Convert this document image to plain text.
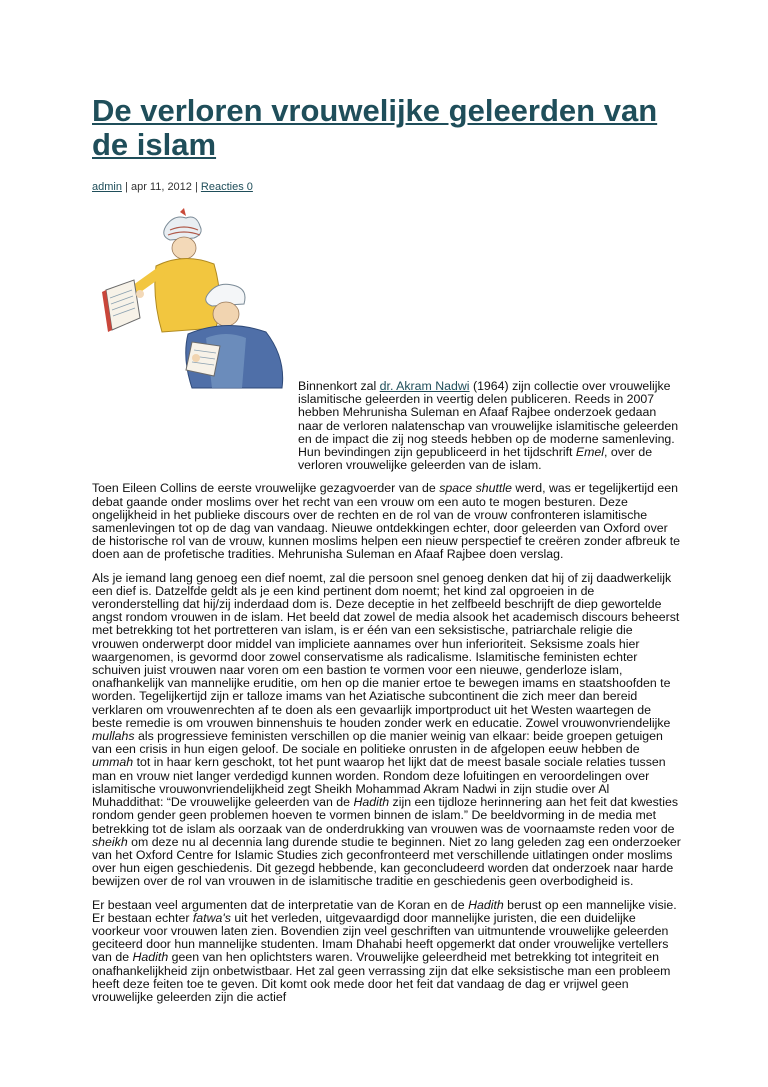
De verloren vrouwelijke geleerden van de islam
admin | apr 11, 2012 | Reacties 0

Binnenkort zal dr. Akram Nadwi (1964) zijn collectie over vrouwelijke islamitische geleerden in veertig delen publiceren. Reeds in 2007 hebben Mehrunisha Suleman en Afaaf Rajbee onderzoek gedaan naar de verloren nalatenschap van vrouwelijke islamitische geleerden en de impact die zij nog steeds hebben op de moderne samenleving. Hun bevindingen zijn gepubliceerd in het tijdschrift Emel, over de verloren vrouwelijke geleerden van de islam.

Toen Eileen Collins de eerste vrouwelijke gezagvoerder van de space shuttle werd, was er tegelijkertijd een debat gaande onder moslims over het recht van een vrouw om een auto te mogen besturen. Deze ongelijkheid in het publieke discours over de rechten en de rol van de vrouw confronteren islamitische samenlevingen tot op de dag van vandaag. Nieuwe ontdekkingen echter, door geleerden van Oxford over de historische rol van de vrouw, kunnen moslims helpen een nieuw perspectief te creëren zonder afbreuk te doen aan de profetische tradities. Mehrunisha Suleman en Afaaf Rajbee doen verslag.

Als je iemand lang genoeg een dief noemt, zal die persoon snel genoeg denken dat hij of zij daadwerkelijk een dief is. Datzelfde geldt als je een kind pertinent dom noemt; het kind zal opgroeien in de veronderstelling dat hij/zij inderdaad dom is. Deze deceptie in het zelfbeeld beschrijft de diep gewortelde angst rondom vrouwen in de islam. Het beeld dat zowel de media alsook het academisch discours beheerst met betrekking tot het portretteren van islam, is er één van een seksistische, patriarchale religie die vrouwen onderwerpt door middel van impliciete aannames over hun inferioriteit. Seksisme zoals hier waargenomen, is gevormd door zowel conservatisme als radicalisme. Islamitische feministen echter schuiven juist vrouwen naar voren om een bastion te vormen voor een nieuwe, genderloze islam, onafhankelijk van mannelijke eruditie, om hen op die manier ertoe te bewegen imams en staatshoofden te worden. Tegelijkertijd zijn er talloze imams van het Aziatische subcontinent die zich meer dan bereid verklaren om vrouwenrechten af te doen als een gevaarlijk importproduct uit het Westen waartegen de beste remedie is om vrouwen binnenshuis te houden zonder werk en educatie. Zowel vrouwonvriendelijke mullahs als progressieve feministen verschillen op die manier weinig van elkaar: beide groepen getuigen van een crisis in hun eigen geloof. De sociale en politieke onrusten in de afgelopen eeuw hebben de ummah tot in haar kern geschokt, tot het punt waarop het lijkt dat de meest basale sociale relaties tussen man en vrouw niet langer verdedigd kunnen worden. Rondom deze lofuitingen en veroordelingen over islamitische vrouwonvriendelijkheid zegt Sheikh Mohammad Akram Nadwi in zijn studie over Al Muhaddithat: “De vrouwelijke geleerden van de Hadith zijn een tijdloze herinnering aan het feit dat kwesties rondom gender geen problemen hoeven te vormen binnen de islam.” De beeldvorming in de media met betrekking tot de islam als oorzaak van de onderdrukking van vrouwen was de voornaamste reden voor de sheikh om deze nu al decennia lang durende studie te beginnen. Niet zo lang geleden zag een onderzoeker van het Oxford Centre for Islamic Studies zich geconfronteerd met verschillende uitlatingen onder moslims over hun eigen geschiedenis. Dit gezegd hebbende, kan geconcludeerd worden dat onderzoek naar harde bewijzen over de rol van vrouwen in de islamitische traditie en geschiedenis geen overbodigheid is.

Er bestaan veel argumenten dat de interpretatie van de Koran en de Hadith berust op een mannelijke visie. Er bestaan echter fatwa's uit het verleden, uitgevaardigd door mannelijke juristen, die een duidelijke voorkeur voor vrouwen laten zien. Bovendien zijn veel geschriften van uitmuntende vrouwelijke geleerden geciteerd door hun mannelijke studenten. Imam Dhahabi heeft opgemerkt dat onder vrouwelijke vertellers van de Hadith geen van hen oplichtsters waren. Vrouwelijke geleerdheid met betrekking tot integriteit en onafhankelijkheid zijn onbetwistbaar. Het zal geen verrassing zijn dat elke seksistische man een probleem heeft deze feiten toe te geven. Dit komt ook mede door het feit dat vandaag de dag er vrijwel geen vrouwelijke geleerden zijn die actief
